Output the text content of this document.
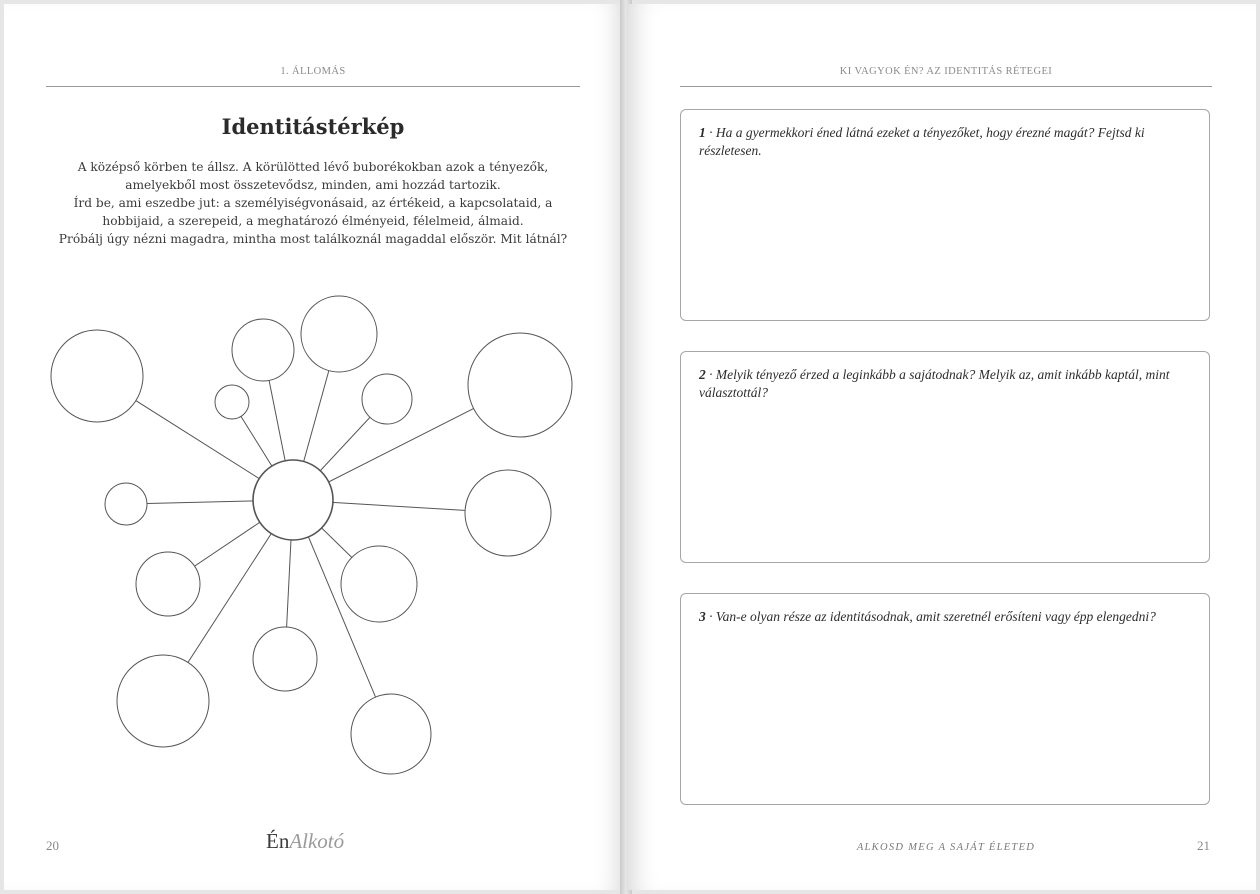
1. ÁLLOMÁS
Identitástérkép

A középső körben te állsz. A körülötted lévő buborékokban azok a tényezők, amelyekből most összetevődsz, minden, ami hozzád tartozik.

Írd be, ami eszedbe jut: a személyiségvonásaid, az értékeid, a kapcsolataid, a hobbijaid, a szerepeid, a meghatározó élményeid, félelmeid, álmaid.

Próbálj úgy nézni magadra, mintha most találkoznál magaddal először. Mit látnál?

20	ÉnAlkotó
KI VAGYOK ÉN? AZ IDENTITÁS RÉTEGEI
1 · Ha a gyermekkori éned látná ezeket a tényezőket, hogy érezné magát? Fejtsd ki részletesen.
2 · Melyik tényező érzed a leginkább a sajátodnak? Melyik az, amit inkább kaptál, mint választottál?
3 · Van-e olyan része az identitásodnak, amit szeretnél erősíteni vagy épp elengedni?
ALKOSD MEG A SAJÁT ÉLETED	21
